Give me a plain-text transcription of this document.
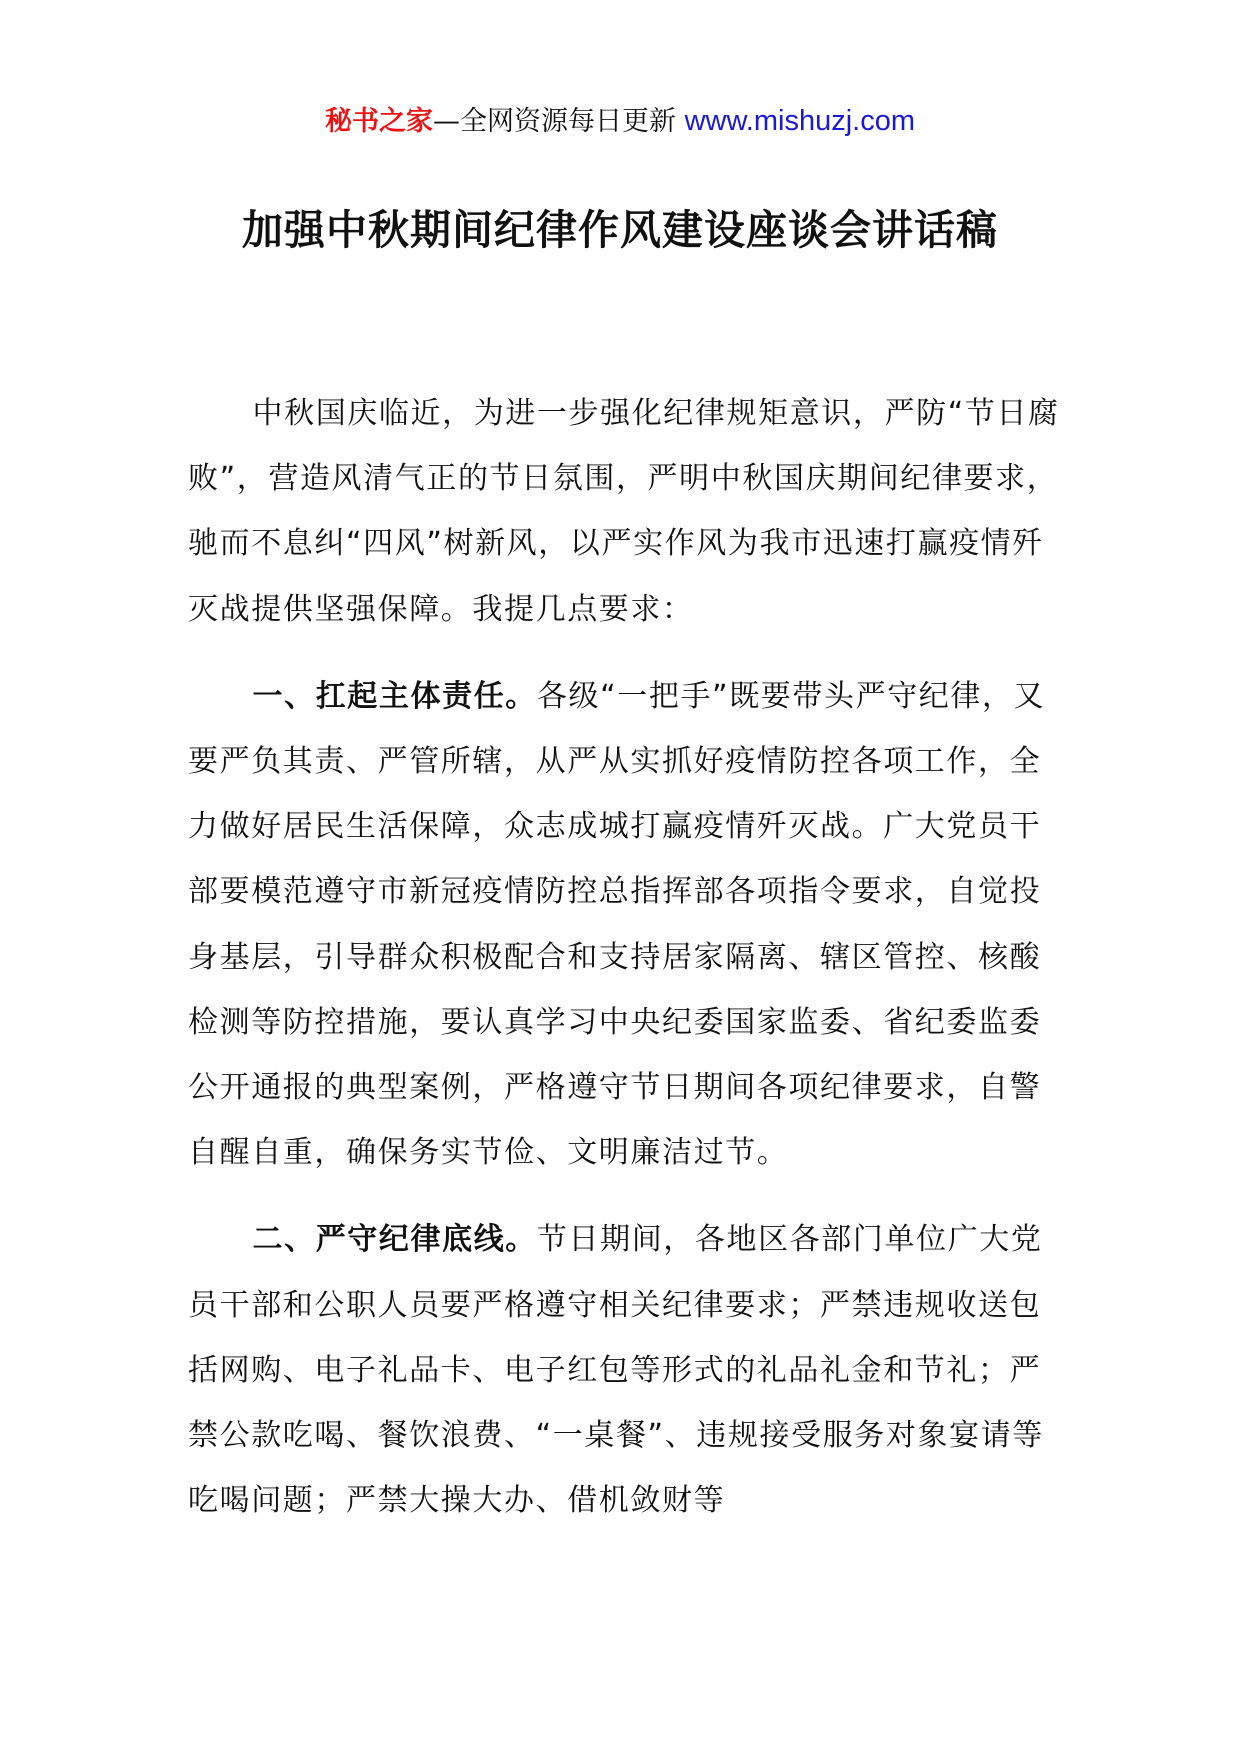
秘书之家—全网资源每日更新 www.mishuzj.com
加强中秋期间纪律作风建设座谈会讲话稿

中秋国庆临近，为进一步强化纪律规矩意识，严防“节日腐败”，营造风清气正的节日氛围，严明中秋国庆期间纪律要求，驰而不息纠“四风”树新风，以严实作风为我市迅速打赢疫情歼灭战提供坚强保障。我提几点要求：

一、扛起主体责任。各级“一把手”既要带头严守纪律，又要严负其责、严管所辖，从严从实抓好疫情防控各项工作，全力做好居民生活保障，众志成城打赢疫情歼灭战。广大党员干部要模范遵守市新冠疫情防控总指挥部各项指令要求，自觉投身基层，引导群众积极配合和支持居家隔离、辖区管控、核酸检测等防控措施，要认真学习中央纪委国家监委、省纪委监委公开通报的典型案例，严格遵守节日期间各项纪律要求，自警自醒自重，确保务实节俭、文明廉洁过节。

二、严守纪律底线。节日期间，各地区各部门单位广大党员干部和公职人员要严格遵守相关纪律要求；严禁违规收送包括网购、电子礼品卡、电子红包等形式的礼品礼金和节礼；严禁公款吃喝、餐饮浪费、“一桌餐”、违规接受服务对象宴请等吃喝问题；严禁大操大办、借机敛财等
